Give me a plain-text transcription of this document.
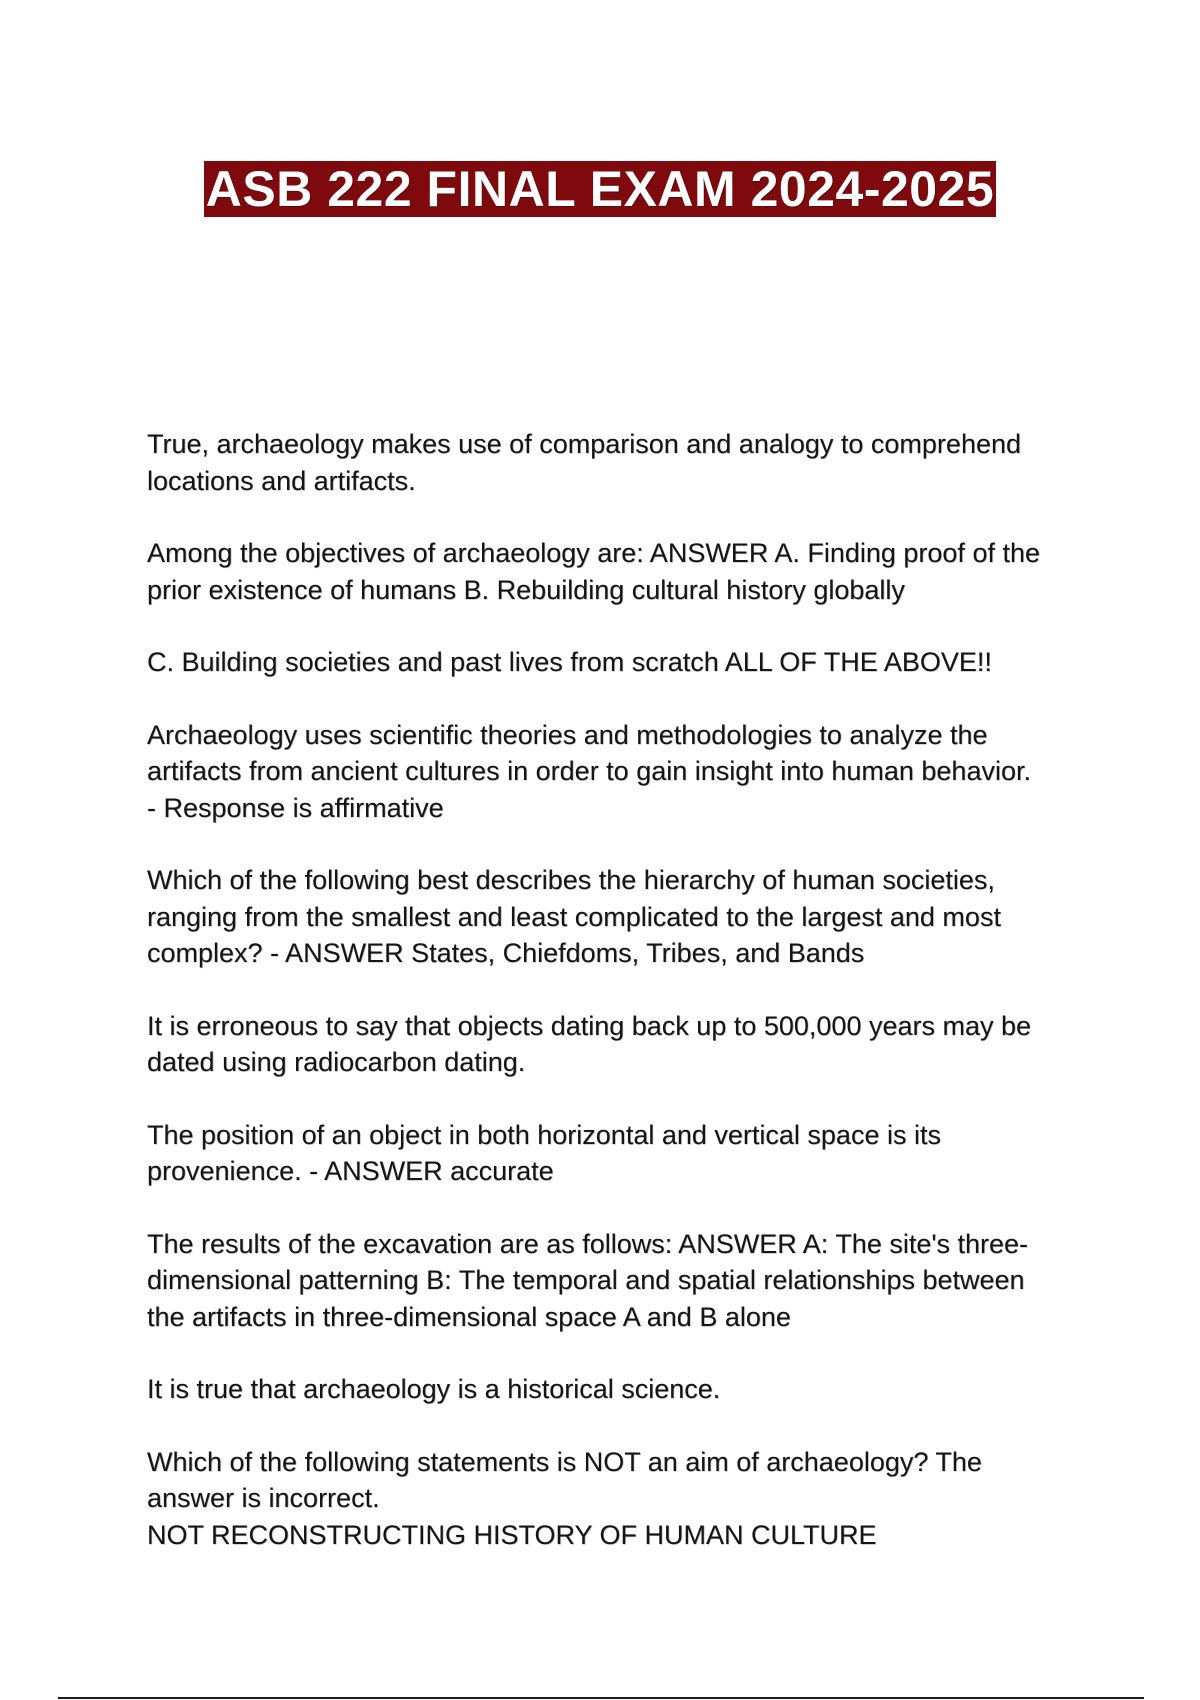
ASB 222 FINAL EXAM 2024-2025

True, archaeology makes use of comparison and analogy to comprehend locations and artifacts.

Among the objectives of archaeology are: ANSWER A. Finding proof of the prior existence of humans B. Rebuilding cultural history globally

C. Building societies and past lives from scratch ALL OF THE ABOVE!!

Archaeology uses scientific theories and methodologies to analyze the artifacts from ancient cultures in order to gain insight into human behavior. - Response is affirmative

Which of the following best describes the hierarchy of human societies, ranging from the smallest and least complicated to the largest and most complex? - ANSWER States, Chiefdoms, Tribes, and Bands

It is erroneous to say that objects dating back up to 500,000 years may be dated using radiocarbon dating.

The position of an object in both horizontal and vertical space is its provenience. - ANSWER accurate

The results of the excavation are as follows: ANSWER A: The site's three-dimensional patterning B: The temporal and spatial relationships between the artifacts in three-dimensional space A and B alone

It is true that archaeology is a historical science.

Which of the following statements is NOT an aim of archaeology? The answer is incorrect.

NOT RECONSTRUCTING HISTORY OF HUMAN CULTURE
